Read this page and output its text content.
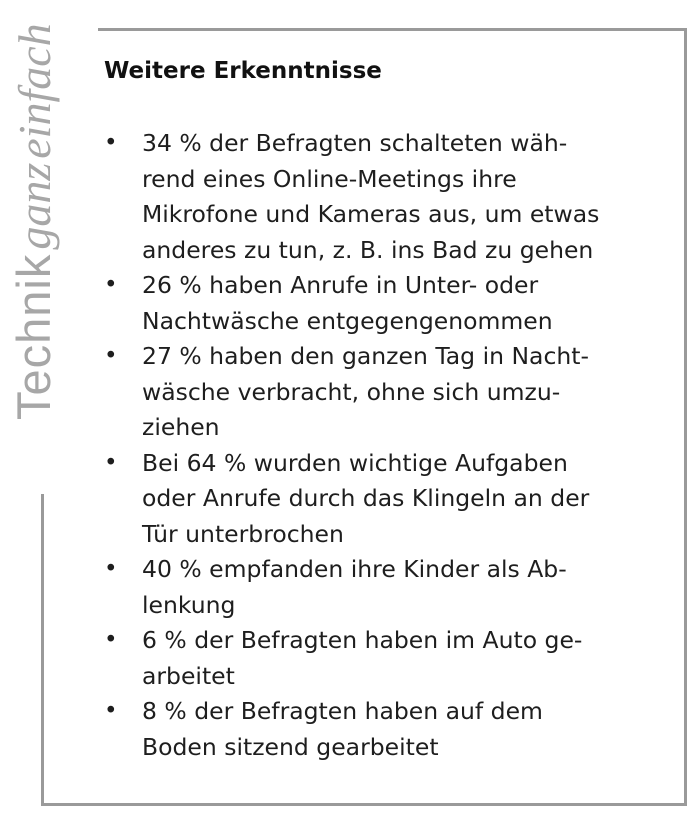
Technik ganz einfach Weitere Erkenntnisse
• 34 % der Befragten schalteten wäh-
rend eines Online-Meetings ihre
Mikrofone und Kameras aus, um etwas
anderes zu tun, z. B. ins Bad zu gehen
• 26 % haben Anrufe in Unter- oder
Nachtwäsche entgegengenommen
• 27 % haben den ganzen Tag in Nacht-
wäsche verbracht, ohne sich umzu-
ziehen
• Bei 64 % wurden wichtige Aufgaben
oder Anrufe durch das Klingeln an der
Tür unterbrochen
• 40 % empfanden ihre Kinder als Ab-
lenkung
• 6 % der Befragten haben im Auto ge-
arbeitet
• 8 % der Befragten haben auf dem
Boden sitzend gearbeitet
